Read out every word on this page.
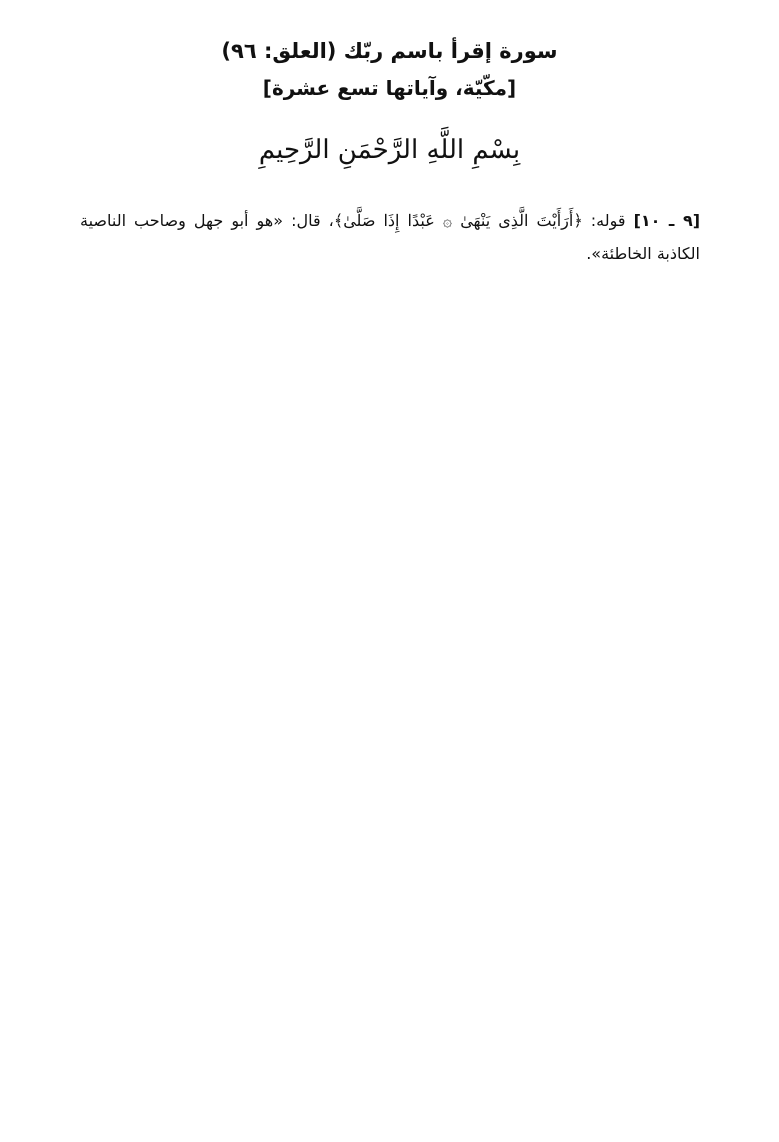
سورة إقرأ باسم ربّك (العلق: ٩٦)
[مكّيّة، وآياتها تسع عشرة]
بِسْمِ اللَّهِ الرَّحْمَنِ الرَّحِيمِ
[٩ ـ ١٠] قوله: ﴿أَرَأَيْتَ الَّذِى يَنْهَىٰ ۞ عَبْدًا إِذَا صَلَّىٰ﴾، قال: «هو أبو جهل وصاحب الناصية الكاذبة الخاطئة».
